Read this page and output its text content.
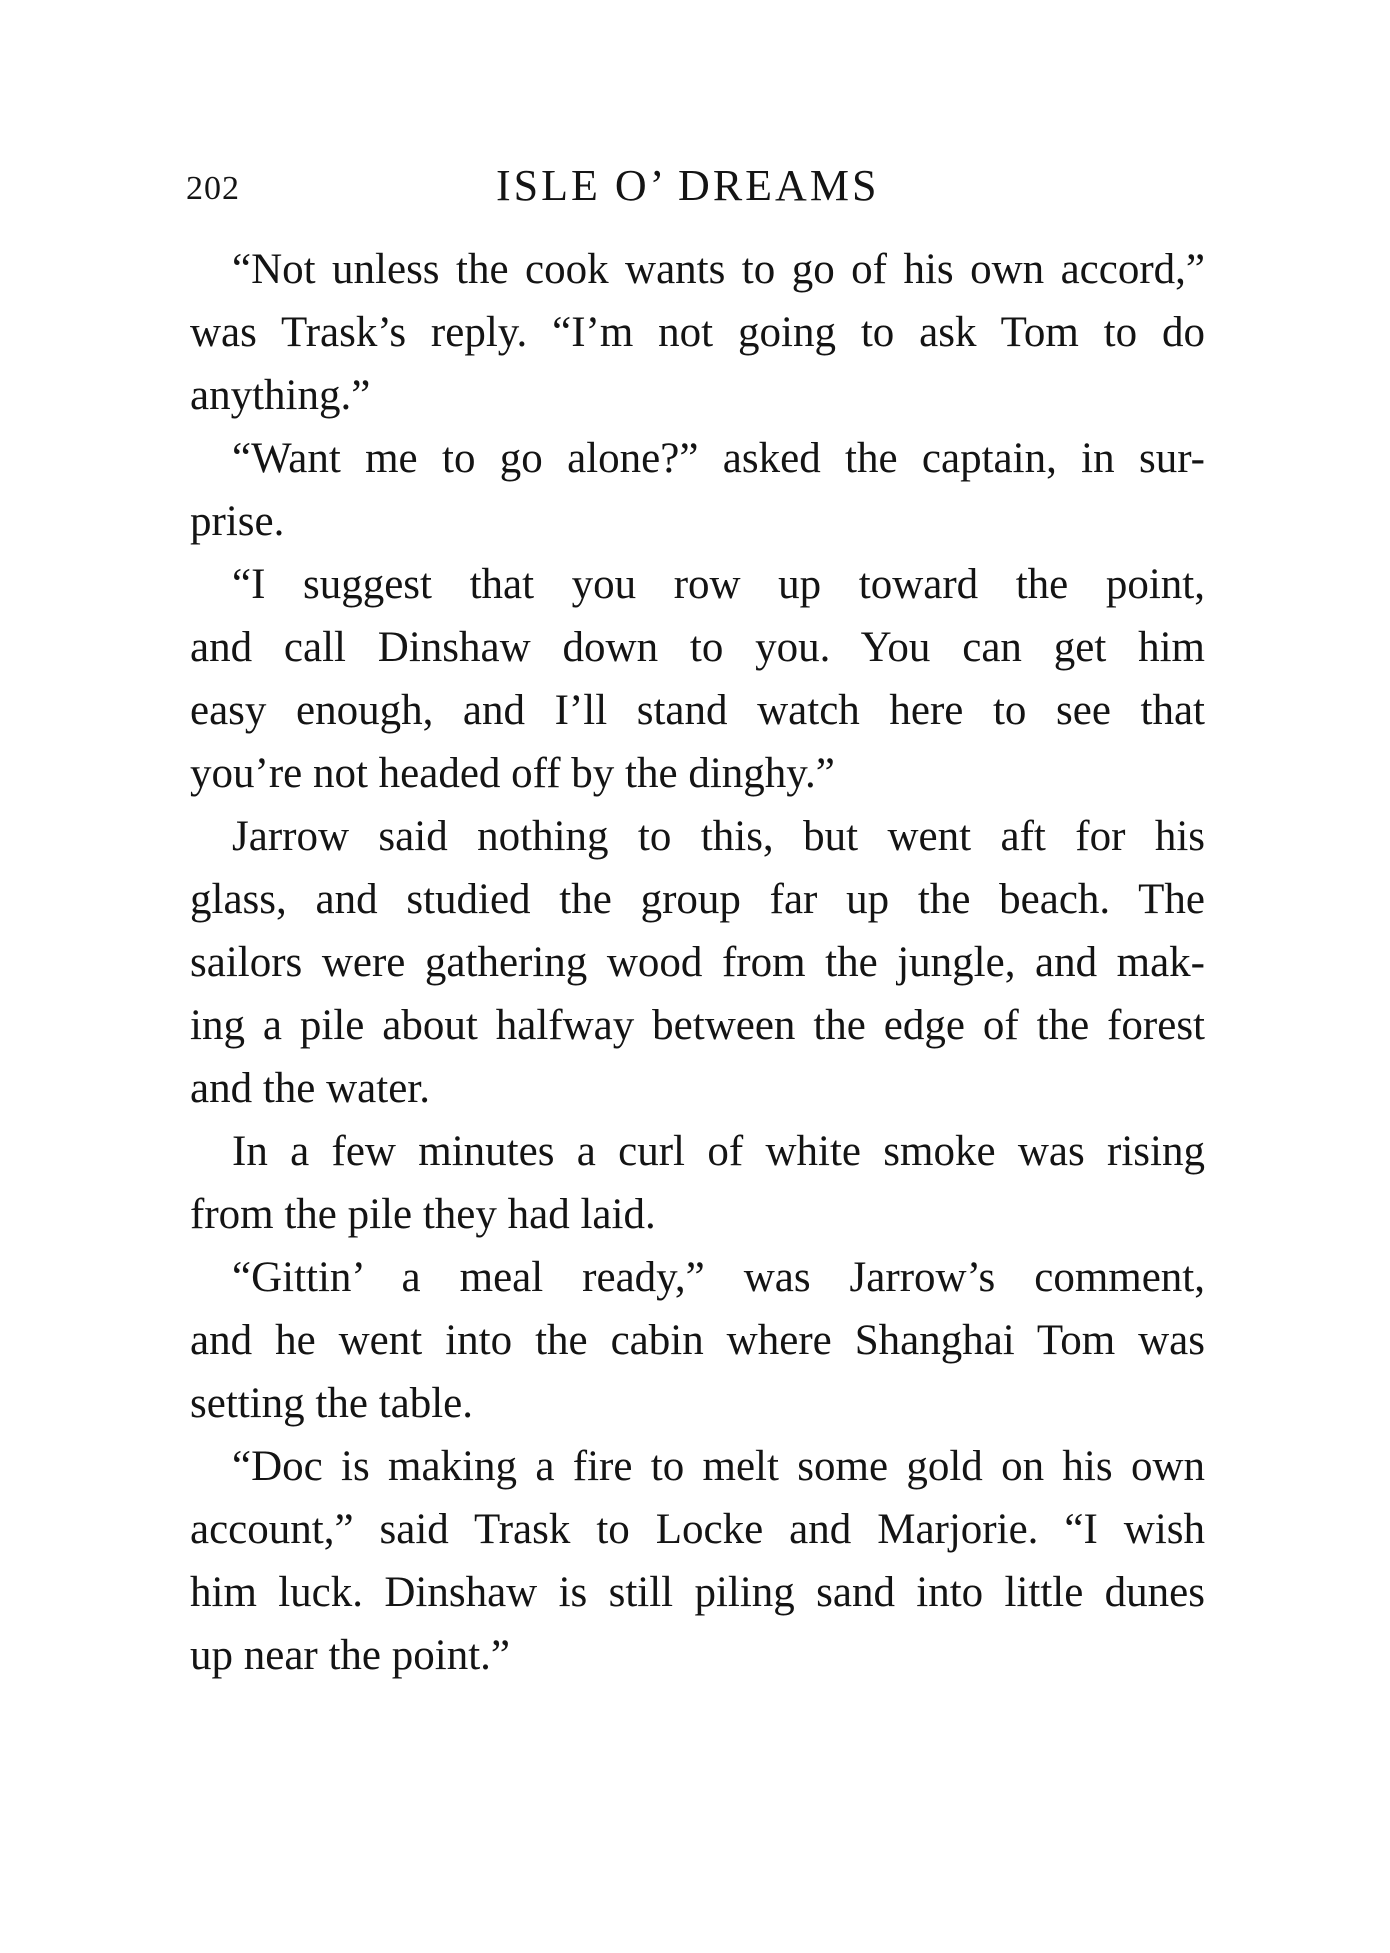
202	ISLE O’ DREAMS
“Not unless the cook wants to go of his own accord,”
was Trask’s reply. “I’m not going to ask Tom to do
anything.”
“Want me to go alone?” asked the captain, in sur-
prise.
“I suggest that you row up toward the point,
and call Dinshaw down to you. You can get him
easy enough, and I’ll stand watch here to see that
you’re not headed off by the dinghy.”
Jarrow said nothing to this, but went aft for his
glass, and studied the group far up the beach. The
sailors were gathering wood from the jungle, and mak-
ing a pile about halfway between the edge of the forest
and the water.
In a few minutes a curl of white smoke was rising
from the pile they had laid.
“Gittin’ a meal ready,” was Jarrow’s comment,
and he went into the cabin where Shanghai Tom was
setting the table.
“Doc is making a fire to melt some gold on his own
account,” said Trask to Locke and Marjorie. “I wish
him luck. Dinshaw is still piling sand into little dunes
up near the point.”
